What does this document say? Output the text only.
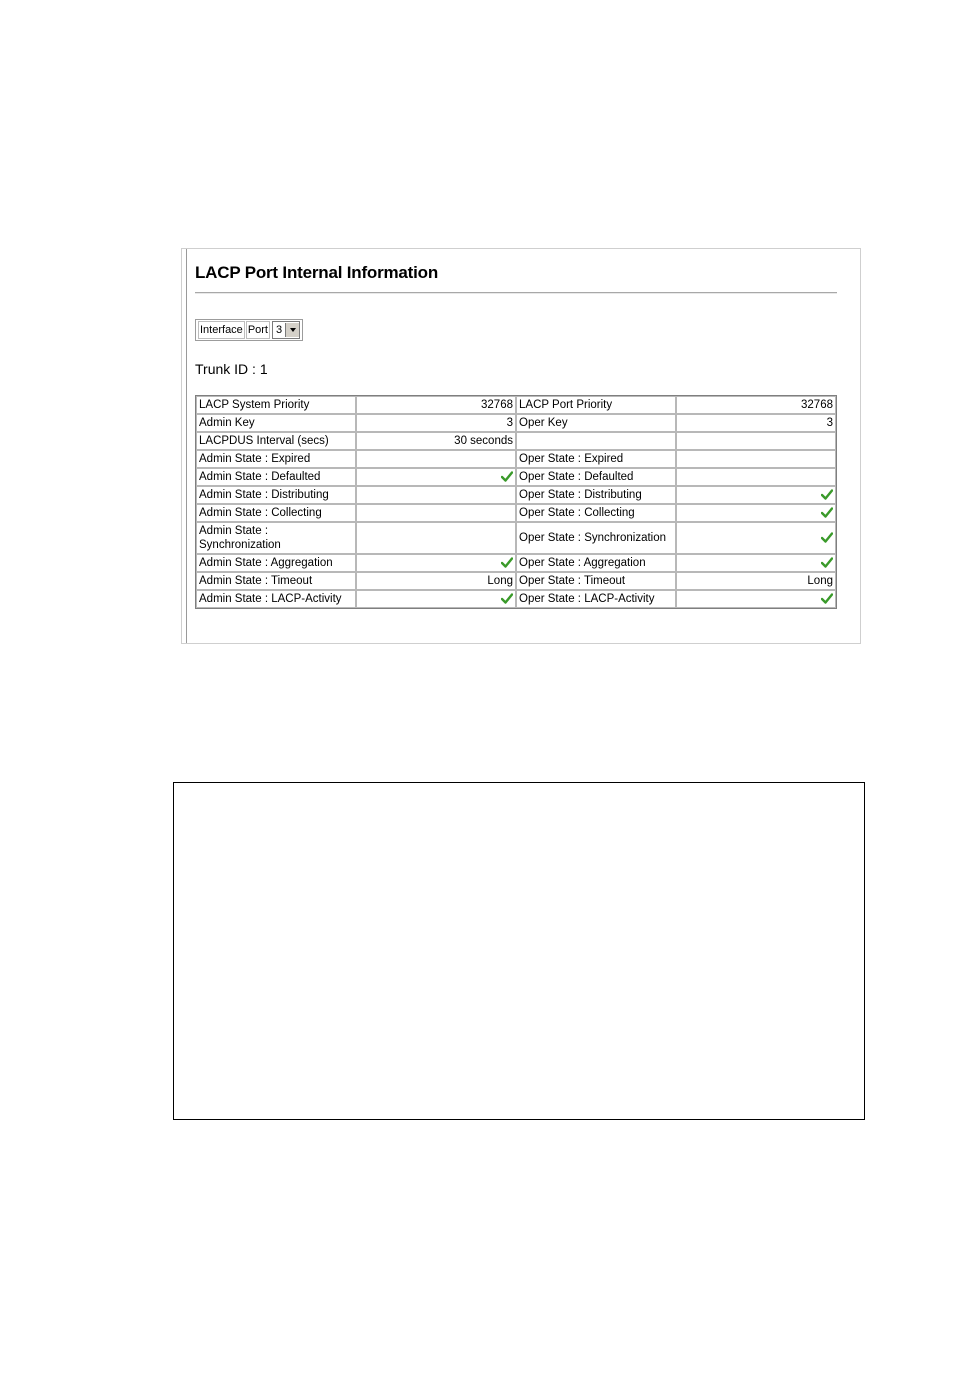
LACP Port Internal Information
Interface Port 3
Trunk ID : 1
LACP System Priority	32768	LACP Port Priority	32768
Admin Key	3	Oper Key	3
LACPDUS Interval (secs)	30 seconds		
Admin State : Expired		Oper State : Expired	
Admin State : Defaulted		Oper State : Defaulted	
Admin State : Distributing		Oper State : Distributing	
Admin State : Collecting		Oper State : Collecting	
Admin State : Synchronization		Oper State : Synchronization	
Admin State : Aggregation		Oper State : Aggregation	
Admin State : Timeout	Long	Oper State : Timeout	Long
Admin State : LACP-Activity		Oper State : LACP-Activity	
